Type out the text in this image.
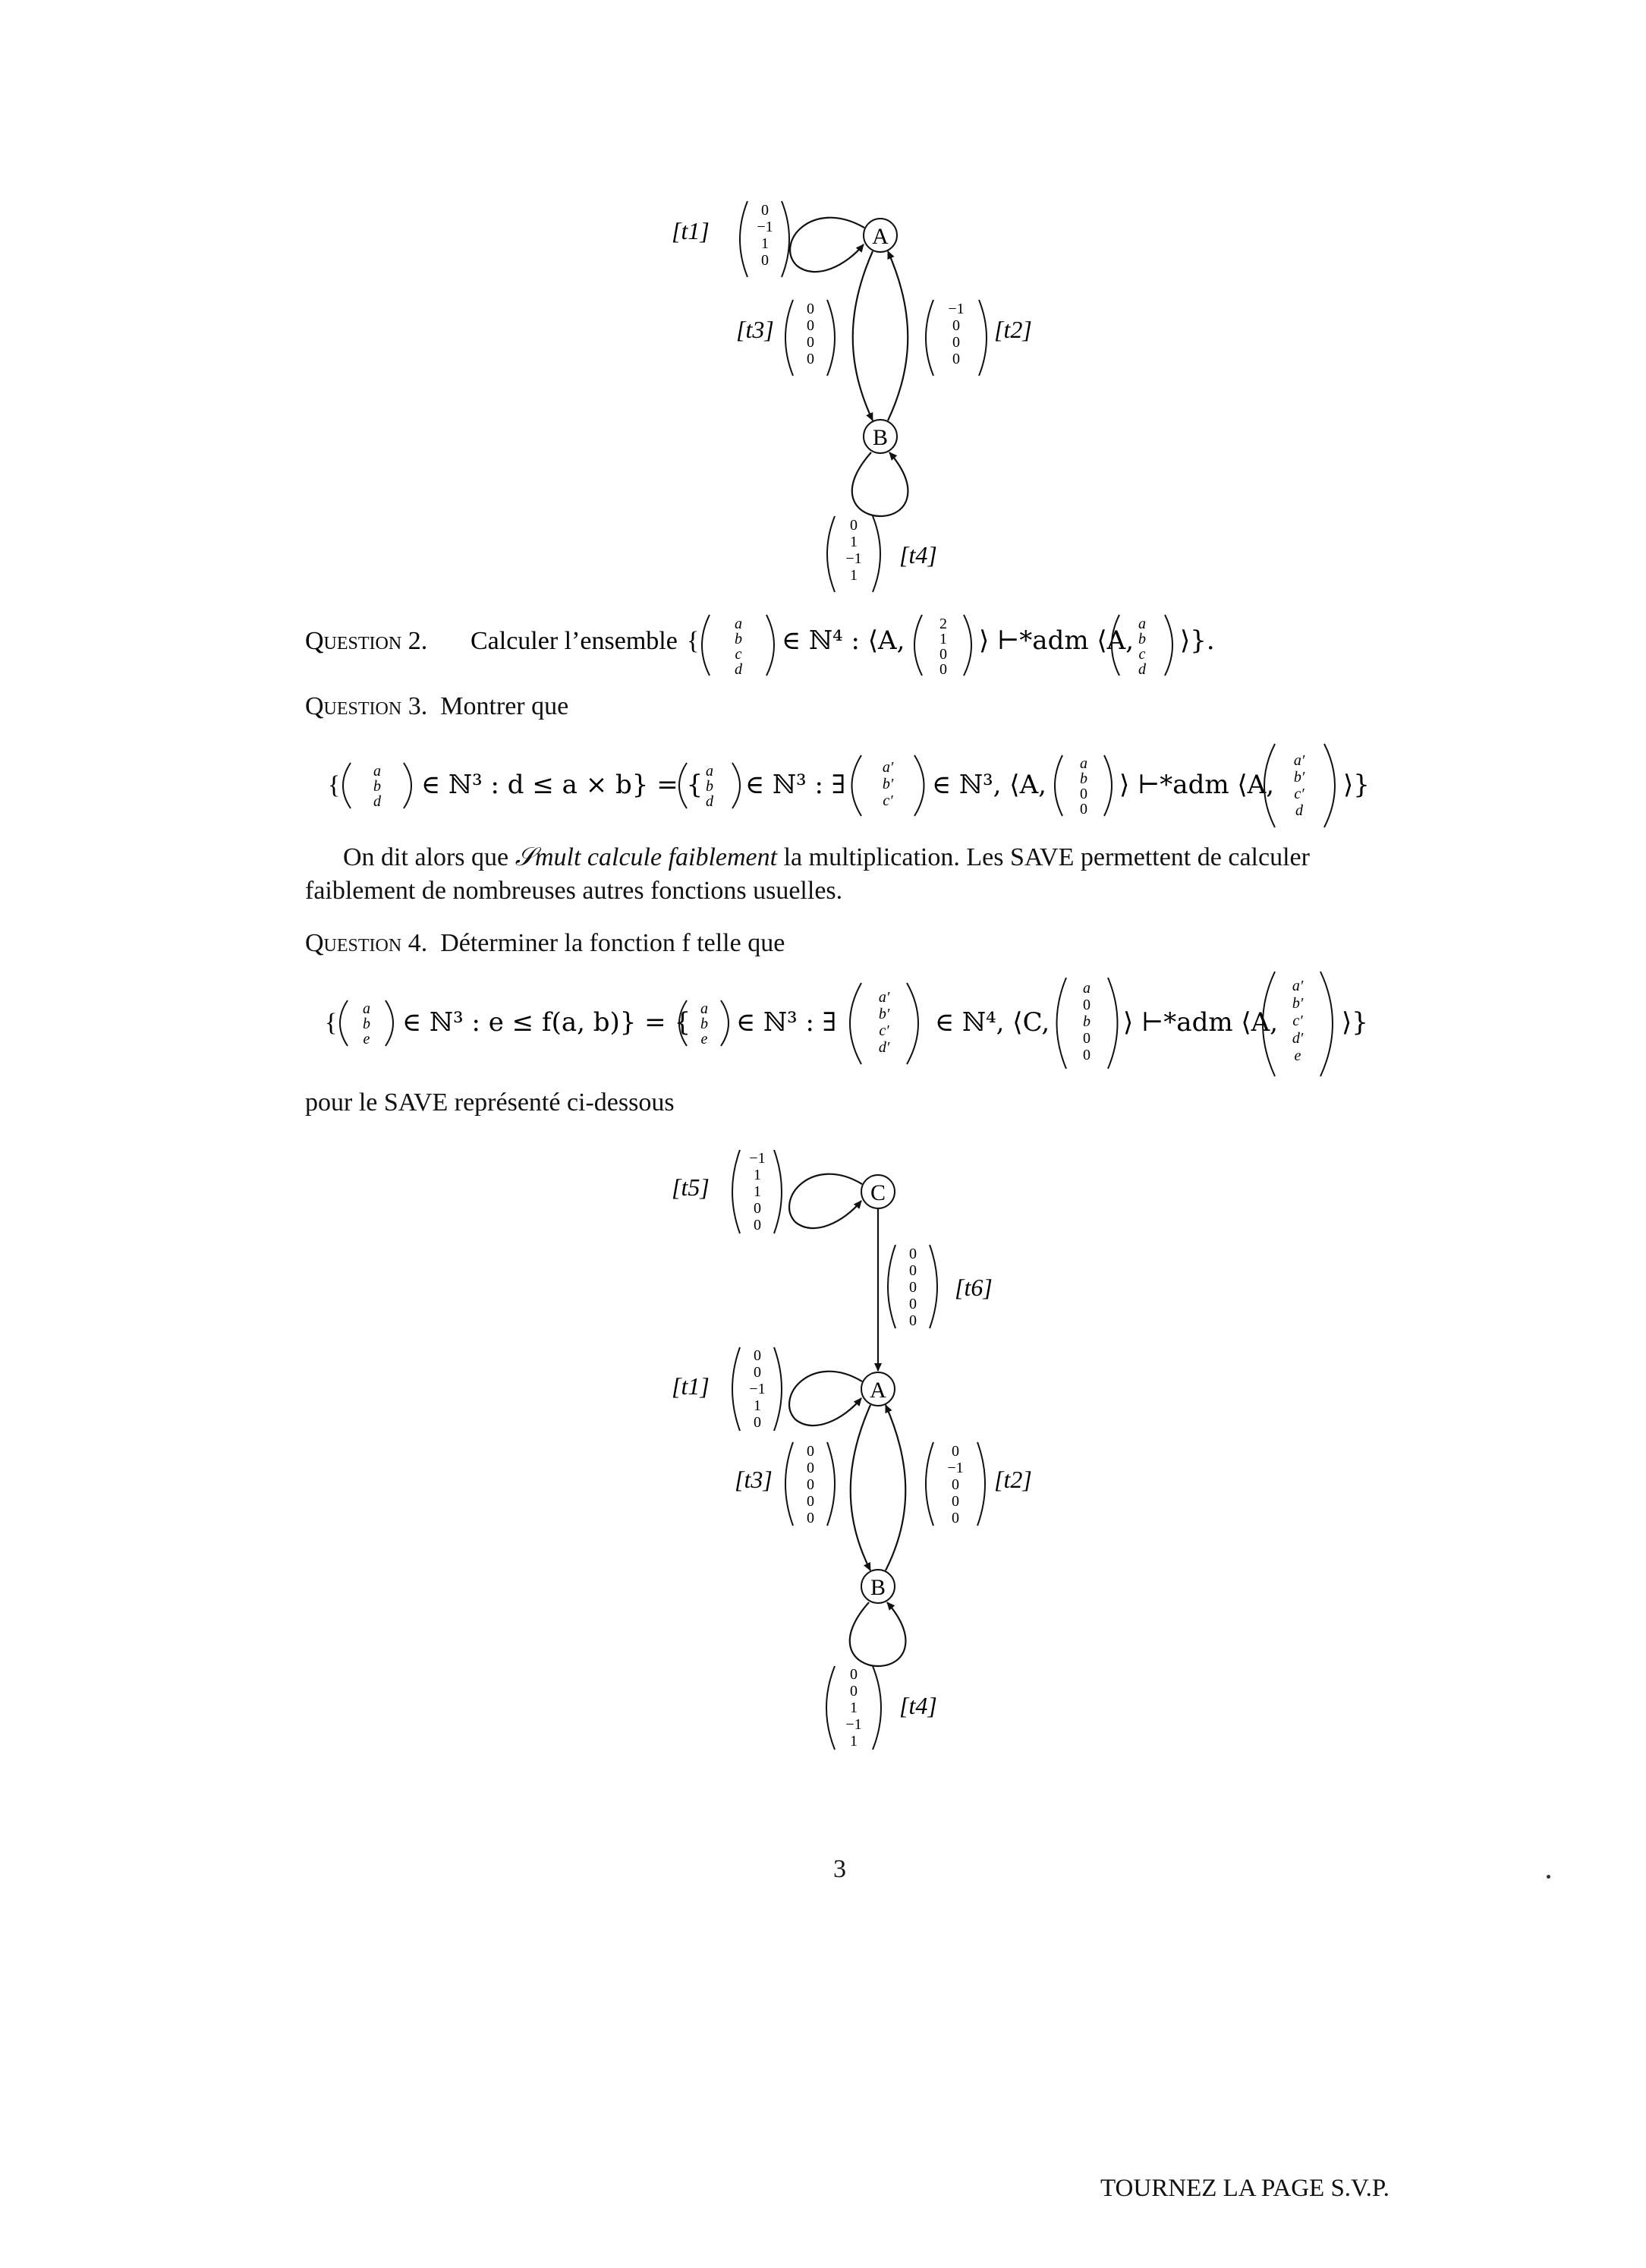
A
B
[t1]
0
−1
1
0
[t3]
0
0
0
0
−1
0
0
0
[t2]
0
1
−1
1
[t4]
Question 2. Calculer l’ensemble {
a
b
c
d
∈ ℕ⁴ : ⟨A,
2
1
0
0
⟩ ⊢*adm ⟨A,
a
b
c
d
⟩}.
Question 3. Montrer que
{ a
b
d
∈ ℕ³ : d ≤ a × b} = { a
b
d
∈ ℕ³ : ∃
a′
b′
c′
∈ ℕ³, ⟨A,
a
b
0
0
⟩ ⊢*adm ⟨A,
a′
b′
c′
d
⟩}
On dit alors que 𝒮mult calcule faiblement la multiplication. Les SAVE permettent de calculer
faiblement de nombreuses autres fonctions usuelles.
Question 4. Déterminer la fonction f telle que
{ a
b
e
∈ ℕ³ : e ≤ f(a, b)} = { a
b
e
∈ ℕ³ : ∃
a′
b′
c′
d′
∈ ℕ⁴, ⟨C,
a
0
b
0
0
⟩ ⊢*adm ⟨A,
a′
b′
c′
d′
e
⟩}
pour le SAVE représenté ci-dessous
C
A
B
[t5]
−1
1
1
0
0
0
0
0
0
0
[t6]
[t1]
0
0
−1
1
0
[t3]
0
0
0
0
0
0
−1
0
0
0
[t2]
0
0
1
−1
1
[t4]
3
TOURNEZ LA PAGE S.V.P.
